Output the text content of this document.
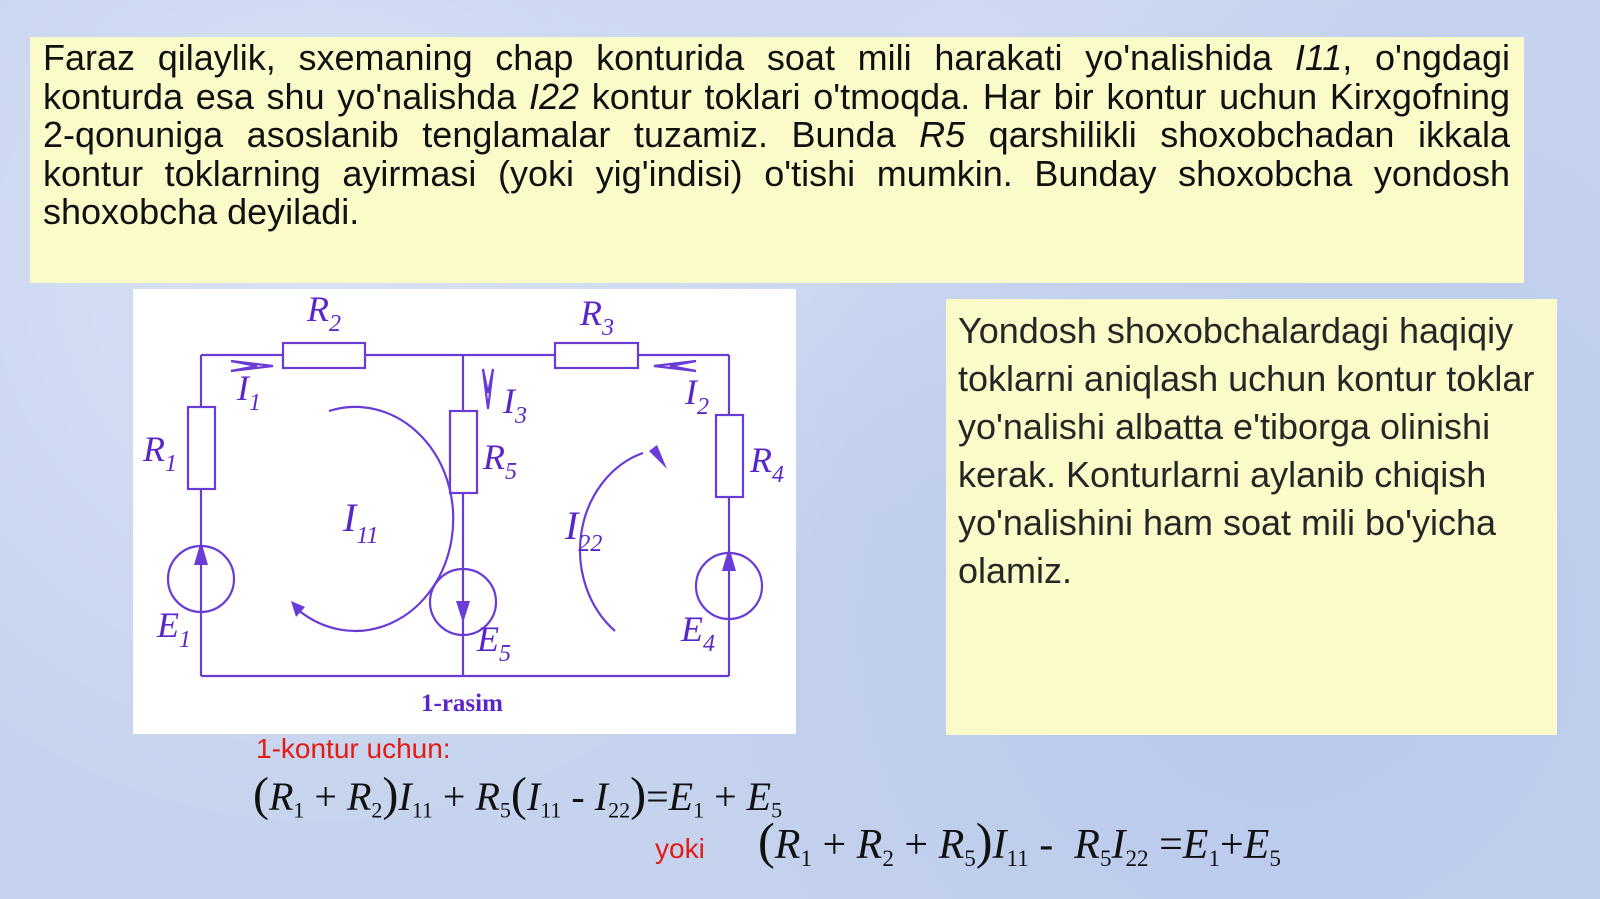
Faraz qilaylik, sxemaning chap konturida soat mili harakati yo'nalishida I11, o'ngdagi konturda esa shu yo'nalishda I22 kontur toklari o'tmoqda. Har bir kontur uchun Kirxgofning 2-qonuniga asoslanib tenglamalar tuzamiz. Bunda R5 qarshilikli shoxobchadan ikkala kontur toklarning ayirmasi (yoki yig'indisi) o'tishi mumkin. Bunday shoxobcha yondosh shoxobcha deyiladi.

$R_2$	$R_3$
$R_1$	$R_5$	$R_4$
$I_1$	$I_2$
$I_3$
$I_{11}$	$I_{22}$
$E_1$	$E_5$
$E_4$
1-rasim

Yondosh shoxobchalardagi haqiqiy toklarni aniqlash uchun kontur toklar yo'nalishi albatta e'tiborga olinishi kerak. Konturlarni aylanib chiqish yo'nalishini ham soat mili bo'yicha olamiz.

1-kontur uchun:
$(R_1 + R_2)I_{11} + R_5(I_{11} - I_{22})=E_1 + E_5$
yoki $(R_1 + R_2 + R_5)I_{11} - R_5I_{22} =E_1+E_5$
